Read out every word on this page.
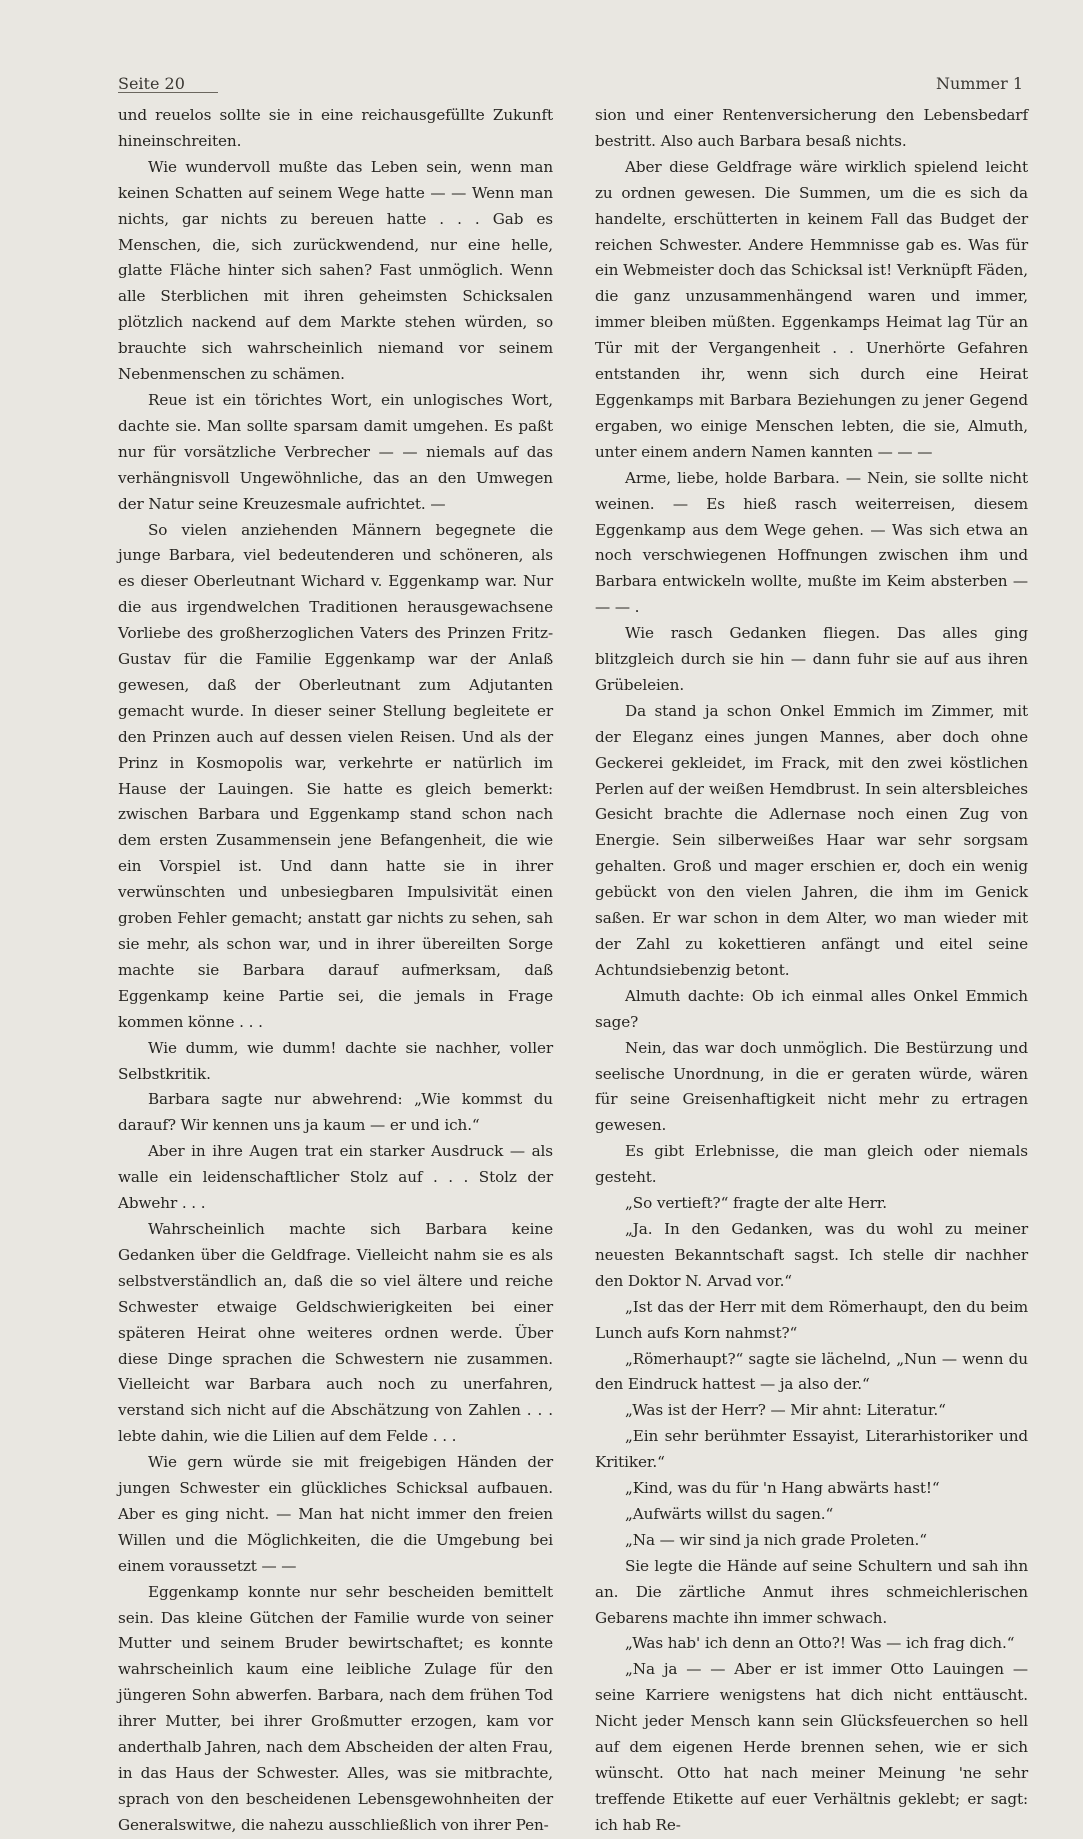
Seite 20	Nummer 1

und reuelos sollte sie in eine reichausgefüllte Zukunft hineinschreiten.

Wie wundervoll mußte das Leben sein, wenn man keinen Schatten auf seinem Wege hatte — — Wenn man nichts, gar nichts zu bereuen hatte . . . Gab es Menschen, die, sich zurückwendend, nur eine helle, glatte Fläche hinter sich sahen? Fast unmöglich. Wenn alle Sterblichen mit ihren geheimsten Schicksalen plötzlich nackend auf dem Markte stehen würden, so brauchte sich wahrscheinlich niemand vor seinem Nebenmenschen zu schämen.

Reue ist ein törichtes Wort, ein unlogisches Wort, dachte sie. Man sollte sparsam damit umgehen. Es paßt nur für vorsätzliche Verbrecher — — niemals auf das verhängnisvoll Ungewöhnliche, das an den Umwegen der Natur seine Kreuzesmale aufrichtet. —

So vielen anziehenden Männern begegnete die junge Barbara, viel bedeutenderen und schöneren, als es dieser Oberleutnant Wichard v. Eggenkamp war. Nur die aus irgendwelchen Traditionen herausgewachsene Vorliebe des großherzoglichen Vaters des Prinzen Fritz-Gustav für die Familie Eggenkamp war der Anlaß gewesen, daß der Oberleutnant zum Adjutanten gemacht wurde. In dieser seiner Stellung begleitete er den Prinzen auch auf dessen vielen Reisen. Und als der Prinz in Kosmopolis war, verkehrte er natürlich im Hause der Lauingen. Sie hatte es gleich bemerkt: zwischen Barbara und Eggenkamp stand schon nach dem ersten Zusammensein jene Befangenheit, die wie ein Vorspiel ist. Und dann hatte sie in ihrer verwünschten und unbesiegbaren Impulsivität einen groben Fehler gemacht; anstatt gar nichts zu sehen, sah sie mehr, als schon war, und in ihrer übereilten Sorge machte sie Barbara darauf aufmerksam, daß Eggenkamp keine Partie sei, die jemals in Frage kommen könne . . .

Wie dumm, wie dumm! dachte sie nachher, voller Selbstkritik.

Barbara sagte nur abwehrend: „Wie kommst du darauf? Wir kennen uns ja kaum — er und ich.“

Aber in ihre Augen trat ein starker Ausdruck — als walle ein leidenschaftlicher Stolz auf . . . Stolz der Abwehr . . .

Wahrscheinlich machte sich Barbara keine Gedanken über die Geldfrage. Vielleicht nahm sie es als selbstverständlich an, daß die so viel ältere und reiche Schwester etwaige Geldschwierigkeiten bei einer späteren Heirat ohne weiteres ordnen werde. Über diese Dinge sprachen die Schwestern nie zusammen. Vielleicht war Barbara auch noch zu unerfahren, verstand sich nicht auf die Abschätzung von Zahlen . . . lebte dahin, wie die Lilien auf dem Felde . . .

Wie gern würde sie mit freigebigen Händen der jungen Schwester ein glückliches Schicksal aufbauen. Aber es ging nicht. — Man hat nicht immer den freien Willen und die Möglichkeiten, die die Umgebung bei einem voraussetzt — —

Eggenkamp konnte nur sehr bescheiden bemittelt sein. Das kleine Gütchen der Familie wurde von seiner Mutter und seinem Bruder bewirtschaftet; es konnte wahrscheinlich kaum eine leibliche Zulage für den jüngeren Sohn abwerfen. Barbara, nach dem frühen Tod ihrer Mutter, bei ihrer Großmutter erzogen, kam vor anderthalb Jahren, nach dem Abscheiden der alten Frau, in das Haus der Schwester. Alles, was sie mitbrachte, sprach von den bescheidenen Lebensgewohnheiten der Generalswitwe, die nahezu ausschließlich von ihrer Pen-

sion und einer Rentenversicherung den Lebensbedarf bestritt. Also auch Barbara besaß nichts.

Aber diese Geldfrage wäre wirklich spielend leicht zu ordnen gewesen. Die Summen, um die es sich da handelte, erschütterten in keinem Fall das Budget der reichen Schwester. Andere Hemmnisse gab es. Was für ein Webmeister doch das Schicksal ist! Verknüpft Fäden, die ganz unzusammenhängend waren und immer, immer bleiben müßten. Eggenkamps Heimat lag Tür an Tür mit der Vergangenheit . . Unerhörte Gefahren entstanden ihr, wenn sich durch eine Heirat Eggenkamps mit Barbara Beziehungen zu jener Gegend ergaben, wo einige Menschen lebten, die sie, Almuth, unter einem andern Namen kannten — — —

Arme, liebe, holde Barbara. — Nein, sie sollte nicht weinen. — Es hieß rasch weiterreisen, diesem Eggenkamp aus dem Wege gehen. — Was sich etwa an noch verschwiegenen Hoffnungen zwischen ihm und Barbara entwickeln wollte, mußte im Keim absterben — — — .

Wie rasch Gedanken fliegen. Das alles ging blitzgleich durch sie hin — dann fuhr sie auf aus ihren Grübeleien.

Da stand ja schon Onkel Emmich im Zimmer, mit der Eleganz eines jungen Mannes, aber doch ohne Geckerei gekleidet, im Frack, mit den zwei köstlichen Perlen auf der weißen Hemdbrust. In sein altersbleiches Gesicht brachte die Adlernase noch einen Zug von Energie. Sein silberweißes Haar war sehr sorgsam gehalten. Groß und mager erschien er, doch ein wenig gebückt von den vielen Jahren, die ihm im Genick saßen. Er war schon in dem Alter, wo man wieder mit der Zahl zu kokettieren anfängt und eitel seine Achtundsiebenzig betont.

Almuth dachte: Ob ich einmal alles Onkel Emmich sage?

Nein, das war doch unmöglich. Die Bestürzung und seelische Unordnung, in die er geraten würde, wären für seine Greisenhaftigkeit nicht mehr zu ertragen gewesen.

Es gibt Erlebnisse, die man gleich oder niemals gesteht.

„So vertieft?“ fragte der alte Herr.

„Ja. In den Gedanken, was du wohl zu meiner neuesten Bekanntschaft sagst. Ich stelle dir nachher den Doktor N. Arvad vor.“

„Ist das der Herr mit dem Römerhaupt, den du beim Lunch aufs Korn nahmst?“

„Römerhaupt?“ sagte sie lächelnd, „Nun — wenn du den Eindruck hattest — ja also der.“

„Was ist der Herr? — Mir ahnt: Literatur.“

„Ein sehr berühmter Essayist, Literarhistoriker und Kritiker.“

„Kind, was du für 'n Hang abwärts hast!“

„Aufwärts willst du sagen.“

„Na — wir sind ja nich grade Proleten.“

Sie legte die Hände auf seine Schultern und sah ihn an. Die zärtliche Anmut ihres schmeichlerischen Gebarens machte ihn immer schwach.

„Was hab' ich denn an Otto?! Was — ich frag dich.“

„Na ja — — Aber er ist immer Otto Lauingen — seine Karriere wenigstens hat dich nicht enttäuscht. Nicht jeder Mensch kann sein Glücksfeuerchen so hell auf dem eigenen Herde brennen sehen, wie er sich wünscht. Otto hat nach meiner Meinung 'ne sehr treffende Etikette auf euer Verhältnis geklebt; er sagt: ich hab Re-
